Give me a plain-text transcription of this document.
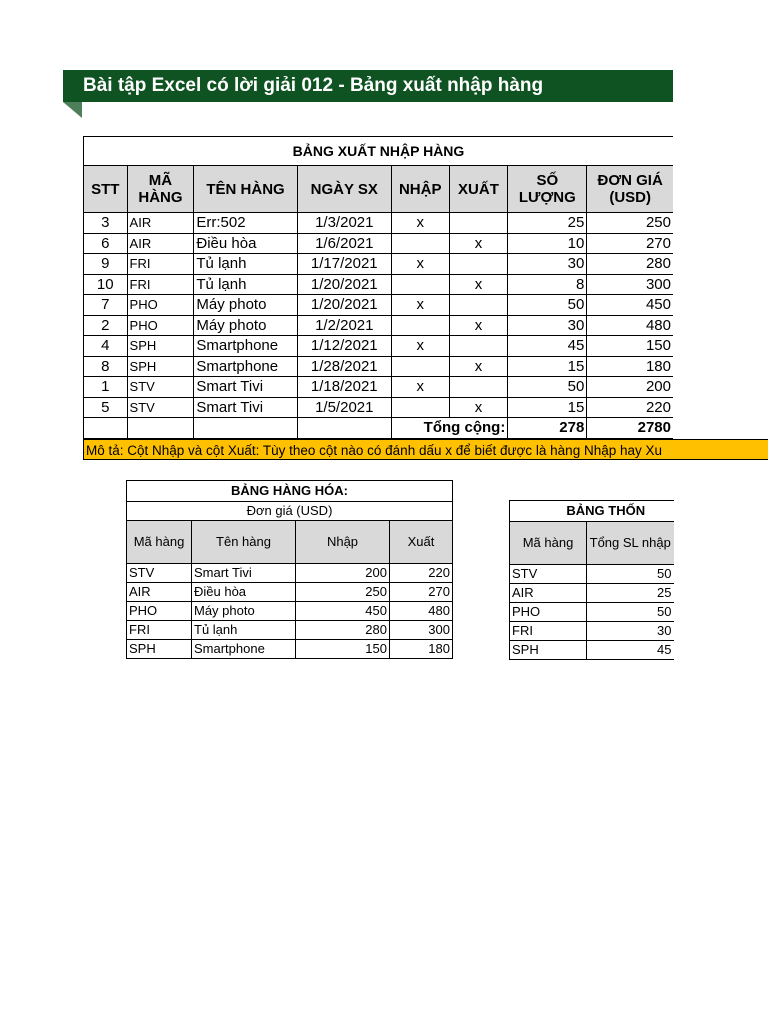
Bài tập Excel có lời giải 012 - Bảng xuất nhập hàng
BẢNG XUẤT NHẬP HÀNG							
STT	MÃ HÀNG	TÊN HÀNG	NGÀY SX	NHẬP	XUẤT	SỐ LƯỢNG	ĐƠN GIÁ (USD)
3	AIR	Err:502	1/3/2021	x		25	250
6	AIR	Điều hòa	1/6/2021		x	10	270
9	FRI	Tủ lạnh	1/17/2021	x		30	280
10	FRI	Tủ lạnh	1/20/2021		x	8	300
7	PHO	Máy photo	1/20/2021	x		50	450
2	PHO	Máy photo	1/2/2021		x	30	480
4	SPH	Smartphone	1/12/2021	x		45	150
8	SPH	Smartphone	1/28/2021		x	15	180
1	STV	Smart Tivi	1/18/2021	x		50	200
5	STV	Smart Tivi	1/5/2021		x	15	220
				Tổng cộng:		278	2780
Mô tả: Cột Nhập và cột Xuất: Tùy theo cột nào có đánh dấu x để biết được là hàng Nhập hay Xu
BẢNG HÀNG HÓA:			
Đơn giá (USD)			
Mã hàng	Tên hàng	Nhập	Xuất
STV	Smart Tivi	200	220
AIR	Điều hòa	250	270
PHO	Máy photo	450	480
FRI	Tủ lạnh	280	300
SPH	Smartphone	150	180
BẢNG THỐN	
Mã hàng	Tổng SL nhập
STV	50
AIR	25
PHO	50
FRI	30
SPH	45
